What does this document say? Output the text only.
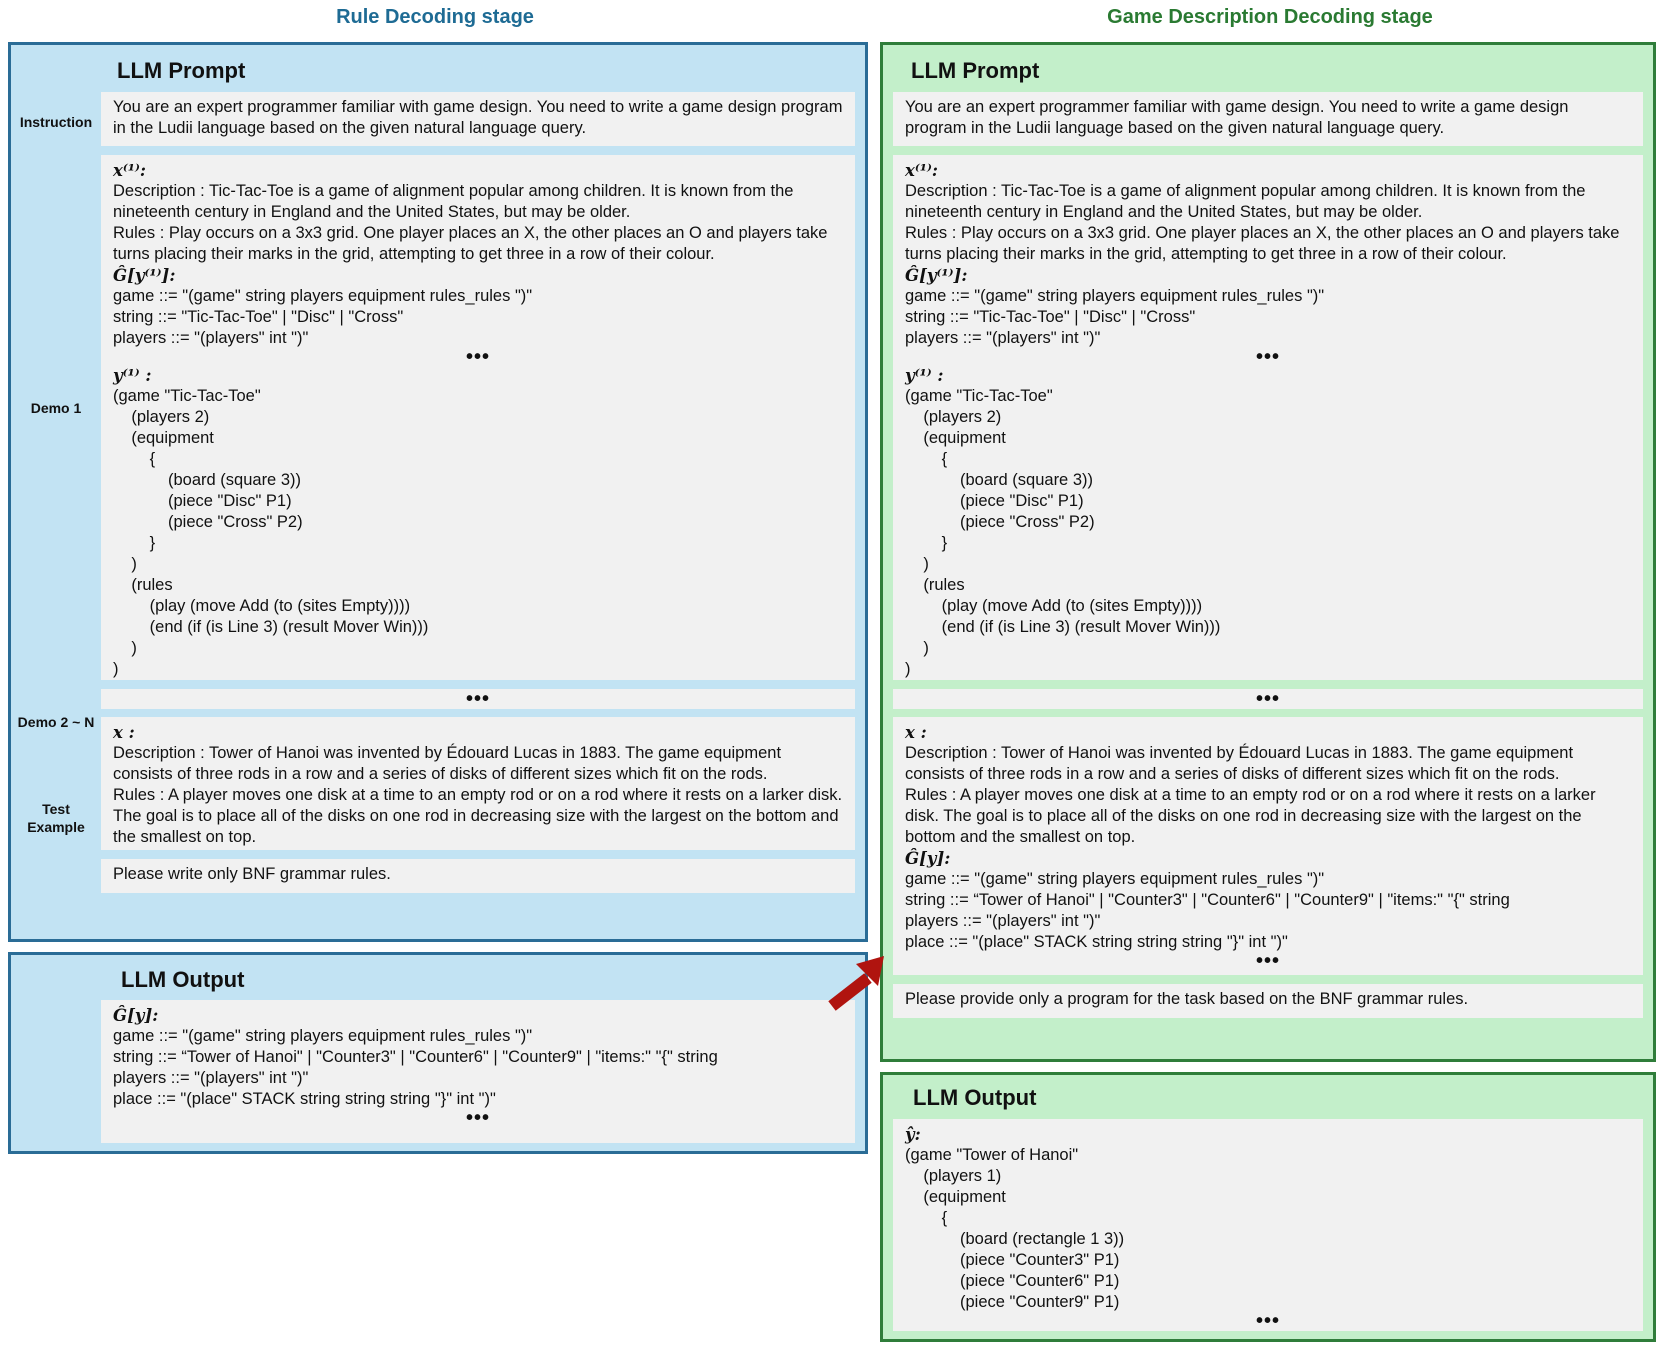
Rule Decoding stage	Game Description Decoding stage
LLM Prompt
Instruction
Demo 1
Demo 2 ~ N
Test
Example
You are an expert programmer familiar with game design. You need to write a game design program in the Ludii language based on the given natural language query.
x⁽¹⁾:
Description : Tic-Tac-Toe is a game of alignment popular among children. It is known from the nineteenth century in England and the United States, but may be older.
Rules : Play occurs on a 3x3 grid. One player places an X, the other places an O and players take turns placing their marks in the grid, attempting to get three in a row of their colour.
Ĝ[y⁽¹⁾]:
game ::= "(game" string players equipment rules_rules ")"
string ::= "Tic-Tac-Toe" | "Disc" | "Cross"
players ::= "(players" int ")"
•••
y⁽¹⁾ :
(game "Tic-Tac-Toe"
(players 2)
(equipment
{
(board (square 3))
(piece "Disc" P1)
(piece "Cross" P2)
}
)
(rules
(play (move Add (to (sites Empty))))
(end (if (is Line 3) (result Mover Win)))
)
)
•••
x :
Description : Tower of Hanoi was invented by Édouard Lucas in 1883. The game equipment consists of three rods in a row and a series of disks of different sizes which fit on the rods.
Rules : A player moves one disk at a time to an empty rod or on a rod where it rests on a larker disk. The goal is to place all of the disks on one rod in decreasing size with the largest on the bottom and the smallest on top.
Please write only BNF grammar rules.
LLM Output
Ĝ[y]:
game ::= "(game" string players equipment rules_rules ")"
string ::= “Tower of Hanoi" | "Counter3" | "Counter6" | "Counter9" | "items:" "{" string
players ::= "(players" int ")"
place ::= "(place" STACK string string string "}" int ")"
•••
LLM Prompt
You are an expert programmer familiar with game design. You need to write a game design program in the Ludii language based on the given natural language query.
x⁽¹⁾:
Description : Tic-Tac-Toe is a game of alignment popular among children. It is known from the nineteenth century in England and the United States, but may be older.
Rules : Play occurs on a 3x3 grid. One player places an X, the other places an O and players take turns placing their marks in the grid, attempting to get three in a row of their colour.
Ĝ[y⁽¹⁾]:
game ::= "(game" string players equipment rules_rules ")"
string ::= "Tic-Tac-Toe" | "Disc" | "Cross"
players ::= "(players" int ")"
•••
y⁽¹⁾ :
(game "Tic-Tac-Toe"
(players 2)
(equipment
{
(board (square 3))
(piece "Disc" P1)
(piece "Cross" P2)
}
)
(rules
(play (move Add (to (sites Empty))))
(end (if (is Line 3) (result Mover Win)))
)
)
•••
x :
Description : Tower of Hanoi was invented by Édouard Lucas in 1883. The game equipment consists of three rods in a row and a series of disks of different sizes which fit on the rods.
Rules : A player moves one disk at a time to an empty rod or on a rod where it rests on a larker disk. The goal is to place all of the disks on one rod in decreasing size with the largest on the bottom and the smallest on top.
Ĝ[y]:
game ::= "(game" string players equipment rules_rules ")"
string ::= “Tower of Hanoi" | "Counter3" | "Counter6" | "Counter9" | "items:" "{" string
players ::= "(players" int ")"
place ::= "(place" STACK string string string "}" int ")"
•••
Please provide only a program for the task based on the BNF grammar rules.
LLM Output
ŷ:
(game "Tower of Hanoi"
(players 1)
(equipment
{
(board (rectangle 1 3))
(piece "Counter3" P1)
(piece "Counter6" P1)
(piece "Counter9" P1)
•••
